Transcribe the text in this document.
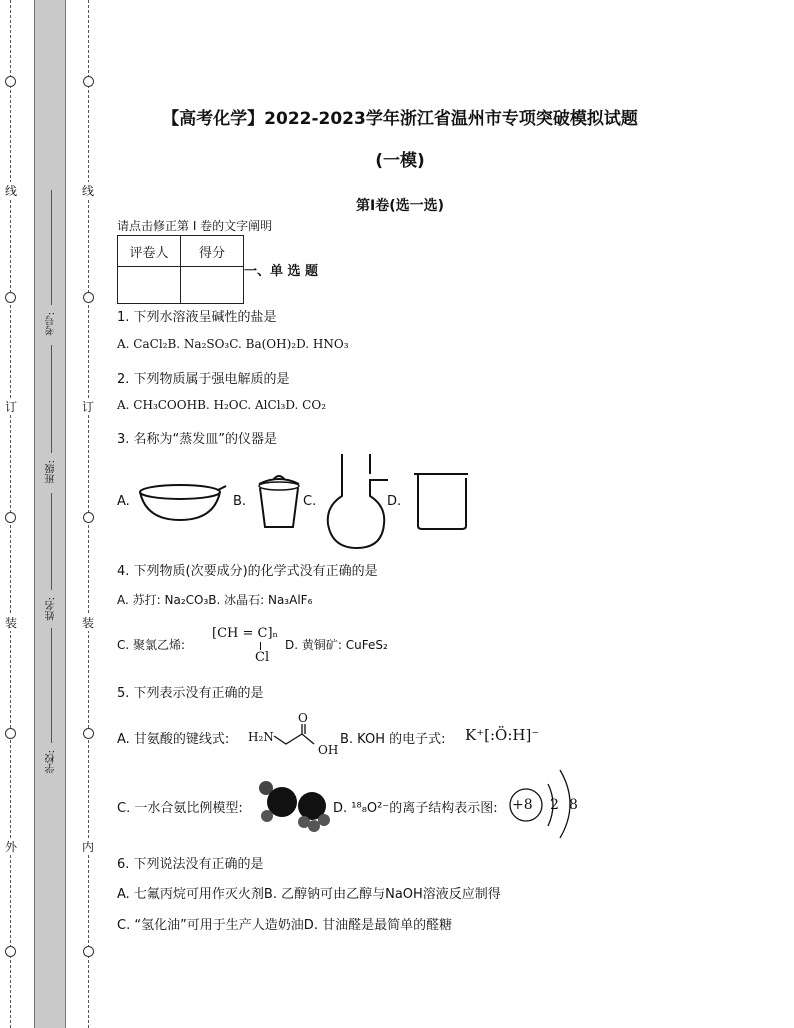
线
订
装
外
线
订
装
内
考号:
班级:
姓名:
学校:
【高考化学】2022-2023学年浙江省温州市专项突破模拟试题
(一模)
第I卷(选一选)
请点击修正第 I 卷的文字阐明
评卷人	得分

一、单 选 题
1. 下列水溶液呈碱性的盐是
A. CaCl₂B. Na₂SO₃C. Ba(OH)₂D. HNO₃
2. 下列物质属于强电解质的是
A. CH₃COOHB. H₂OC. AlCl₃D. CO₂
3. 名称为“蒸发皿”的仪器是
A.	B.	C.	D.
4. 下列物质(次要成分)的化学式没有正确的是
A. 苏打: Na₂CO₃B. 冰晶石: Na₃AlF₆
C. 聚氯乙烯:
[CH = C]ₙ
Cl
D. 黄铜矿: CuFeS₂
5. 下列表示没有正确的是
A. 甘氨酸的键线式: H₂N
O
OH
B. KOH 的电子式: K⁺[:Ö:H]⁻
C. 一水合氨比例模型:	D. ¹⁸₈O²⁻的离子结构表示图: +8 2 8
6. 下列说法没有正确的是
A. 七氟丙烷可用作灭火剂B. 乙醇钠可由乙醇与NaOH溶液反应制得
C. “氢化油”可用于生产人造奶油D. 甘油醛是最简单的醛糖
